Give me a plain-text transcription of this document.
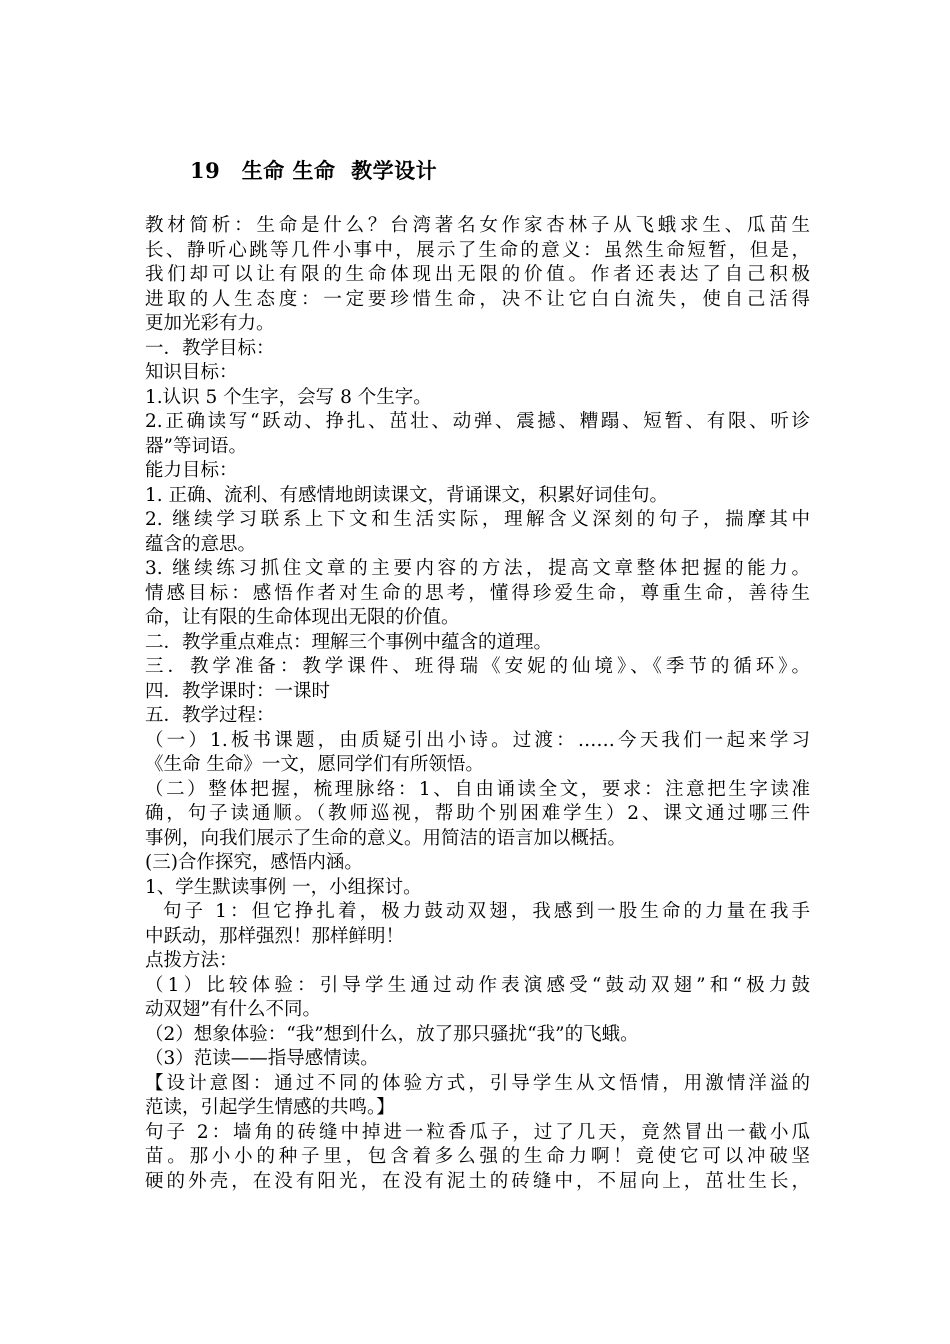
19　生命 生命  教学设计
教材简析：生命是什么？台湾著名女作家杏林子从飞蛾求生、瓜苗生
长、静听心跳等几件小事中，展示了生命的意义：虽然生命短暂，但是，
我们却可以让有限的生命体现出无限的价值。作者还表达了自己积极
进取的人生态度：一定要珍惜生命，决不让它白白流失，使自己活得
更加光彩有力。
一．教学目标：
知识目标：
1.认识 5 个生字，会写 8 个生字。
2.正确读写“跃动、挣扎、茁壮、动弹、震撼、糟蹋、短暂、有限、听诊
器”等词语。
能力目标：
1. 正确、流利、有感情地朗读课文，背诵课文，积累好词佳句。
2. 继续学习联系上下文和生活实际，理解含义深刻的句子，揣摩其中
蕴含的意思。
3. 继续练习抓住文章的主要内容的方法，提高文章整体把握的能力。
情感目标：感悟作者对生命的思考，懂得珍爱生命，尊重生命，善待生
命，让有限的生命体现出无限的价值。
二．教学重点难点：理解三个事例中蕴含的道理。
三．教学准备：教学课件、班得瑞《安妮的仙境》、《季节的循环》。
四．教学课时：一课时
五．教学过程：
（一）1.板书课题，由质疑引出小诗。过渡：……今天我们一起来学习
《生命 生命》一文，愿同学们有所领悟。
（二）整体把握，梳理脉络：1、自由诵读全文，要求：注意把生字读准
确，句子读通顺。（教师巡视，帮助个别困难学生）2、课文通过哪三件
事例，向我们展示了生命的意义。用简洁的语言加以概括。
(三)合作探究，感悟内涵。
1、学生默读事例 一，小组探讨。
句子 1：但它挣扎着，极力鼓动双翅，我感到一股生命的力量在我手
中跃动，那样强烈！那样鲜明！
点拨方法：
（1）比较体验：引导学生通过动作表演感受“鼓动双翅”和“极力鼓
动双翅”有什么不同。
（2）想象体验：“我”想到什么，放了那只骚扰“我”的飞蛾。
（3）范读——指导感情读。
【设计意图：通过不同的体验方式，引导学生从文悟情，用激情洋溢的
范读，引起学生情感的共鸣。】
句子 2：墙角的砖缝中掉进一粒香瓜子，过了几天，竟然冒出一截小瓜
苗。那小小的种子里，包含着多么强的生命力啊！竟使它可以冲破坚
硬的外壳，在没有阳光，在没有泥土的砖缝中，不屈向上，茁壮生长，
